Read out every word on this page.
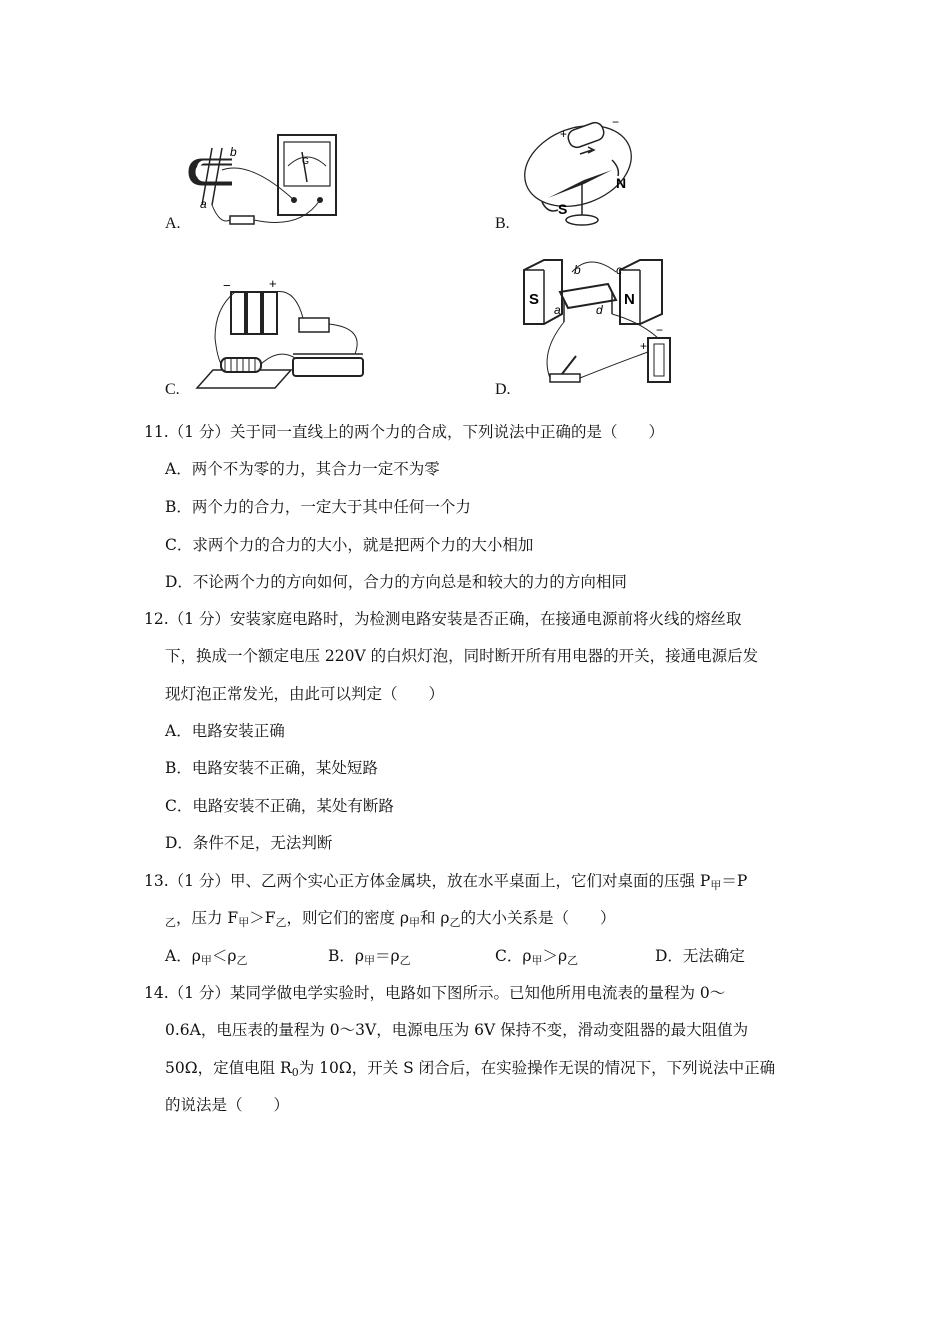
A.
b
a
G
B.
+
−
N
S
C.
−	+
D.
S	N
a
b	c
d
−
+
11.（1 分）关于同一直线上的两个力的合成，下列说法中正确的是（　　）
A．两个不为零的力，其合力一定不为零
B．两个力的合力，一定大于其中任何一个力
C．求两个力的合力的大小，就是把两个力的大小相加
D．不论两个力的方向如何，合力的方向总是和较大的力的方向相同
12.（1 分）安装家庭电路时，为检测电路安装是否正确，在接通电源前将火线的熔丝取
下，换成一个额定电压 220V 的白炽灯泡，同时断开所有用电器的开关，接通电源后发
现灯泡正常发光，由此可以判定（　　）
A．电路安装正确
B．电路安装不正确，某处短路
C．电路安装不正确，某处有断路
D．条件不足，无法判断
13.（1 分）甲、乙两个实心正方体金属块，放在水平桌面上，它们对桌面的压强 $P_甲=P$
$_乙$，压力 $F_甲>F_乙$，则它们的密度 $\rho_甲$和 $\rho_乙$的大小关系是（　　）
A．$\rho_甲<\rho_乙$	B．$\rho_甲=\rho_乙$	C．$\rho_甲>\rho_乙$	D．无法确定
14.（1 分）某同学做电学实验时，电路如下图所示。已知他所用电流表的量程为 0～
0.6A，电压表的量程为 0～3V，电源电压为 6V 保持不变，滑动变阻器的最大阻值为
50Ω，定值电阻 $R_0$为 10Ω，开关 S 闭合后，在实验操作无误的情况下，下列说法中正确
的说法是（　　）
